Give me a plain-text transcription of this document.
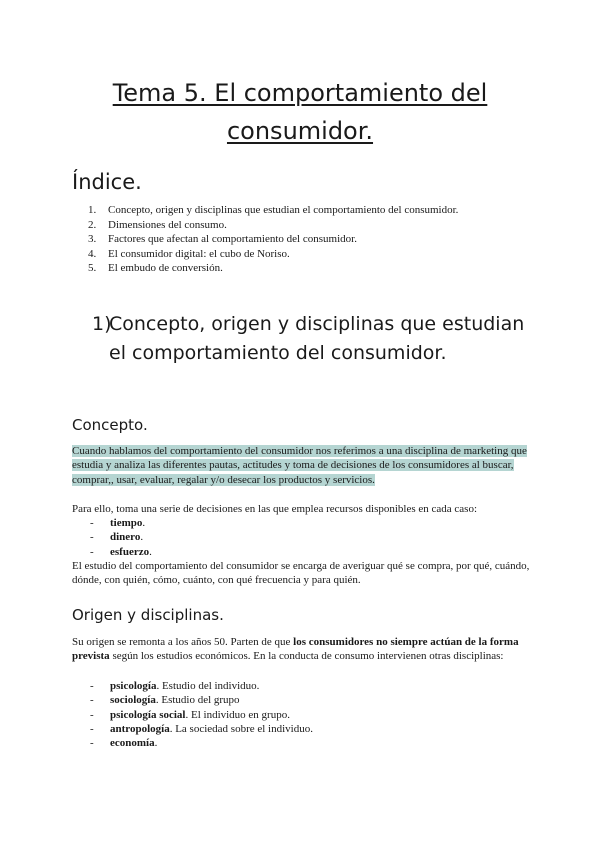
Tema 5. El comportamiento del consumidor.
Índice.
1.	Concepto, origen y disciplinas que estudian el comportamiento del consumidor.
2.	Dimensiones del consumo.
3.	Factores que afectan al comportamiento del consumidor.
4.	El consumidor digital: el cubo de Noriso.
5.	El embudo de conversión.
1)
Concepto, origen y disciplinas que estudian el comportamiento del consumidor.
Concepto.

Cuando hablamos del comportamiento del consumidor nos referimos a una disciplina de marketing que estudia y analiza las diferentes pautas, actitudes y toma de decisiones de los consumidores al buscar, comprar,, usar, evaluar, regalar y/o desecar los productos y servicios.

Para ello, toma una serie de decisiones en las que emplea recursos disponibles en cada caso:

-	tiempo.
-	dinero.
-	esfuerzo.

El estudio del comportamiento del consumidor se encarga de averiguar qué se compra, por qué, cuándo, dónde, con quién, cómo, cuánto, con qué frecuencia y para quién.

Origen y disciplinas.

Su origen se remonta a los años 50. Parten de que los consumidores no siempre actúan de la forma prevista según los estudios económicos. En la conducta de consumo intervienen otras disciplinas:

-	psicología. Estudio del individuo.
-	sociología. Estudio del grupo
-	psicología social. El individuo en grupo.
-	antropología. La sociedad sobre el individuo.
-	economía.
